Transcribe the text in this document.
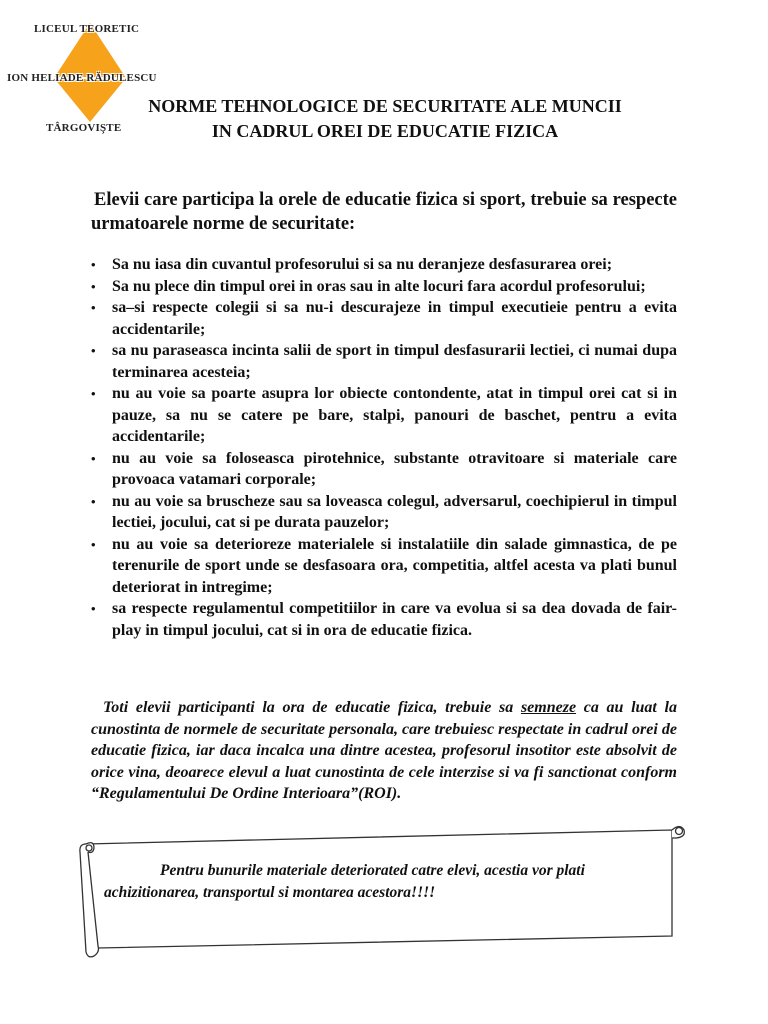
LICEUL TEORETIC
ION HELIADE RĂDULESCU
TÂRGOVIŞTE
NORME TEHNOLOGICE DE SECURITATE ALE MUNCII
IN CADRUL OREI DE EDUCATIE FIZICA
Elevii care participa la orele de educatie fizica si sport, trebuie sa respecte urmatoarele norme de securitate:
• Sa nu iasa din cuvantul profesorului si sa nu deranjeze desfasurarea orei;
• Sa nu plece din timpul orei in oras sau in alte locuri fara acordul profesorului;
• sa–si respecte colegii si sa nu-i descurajeze in timpul executieie pentru a evita accidentarile;
• sa nu paraseasca incinta salii de sport in timpul desfasurarii lectiei, ci numai dupa terminarea acesteia;
• nu au voie sa poarte asupra lor obiecte contondente, atat in timpul orei cat si in pauze, sa nu se catere pe bare, stalpi, panouri de baschet, pentru a evita accidentarile;
• nu au voie sa foloseasca pirotehnice, substante otravitoare si materiale care provoaca vatamari corporale;
• nu au voie sa bruscheze sau sa loveasca colegul, adversarul, coechipierul in timpul lectiei, jocului, cat si pe durata pauzelor;
• nu au voie sa deterioreze materialele si instalatiile din salade gimnastica, de pe terenurile de sport unde se desfasoara ora, competitia, altfel acesta va plati bunul deteriorat in intregime;
• sa respecte regulamentul competitiilor in care va evolua si sa dea dovada de fair-play in timpul jocului, cat si in ora de educatie fizica.
Toti elevii participanti la ora de educatie fizica, trebuie sa semneze ca au luat la cunostinta de normele de securitate personala, care trebuiesc respectate in cadrul orei de educatie fizica, iar daca incalca una dintre acestea, profesorul insotitor este absolvit de orice vina, deoarece elevul a luat cunostinta de cele interzise si va fi sanctionat conform “Regulamentului De Ordine Interioara”(ROI).
Pentru bunurile materiale deteriorated catre elevi, acestia vor plati achizitionarea, transportul si montarea acestora!!!!
